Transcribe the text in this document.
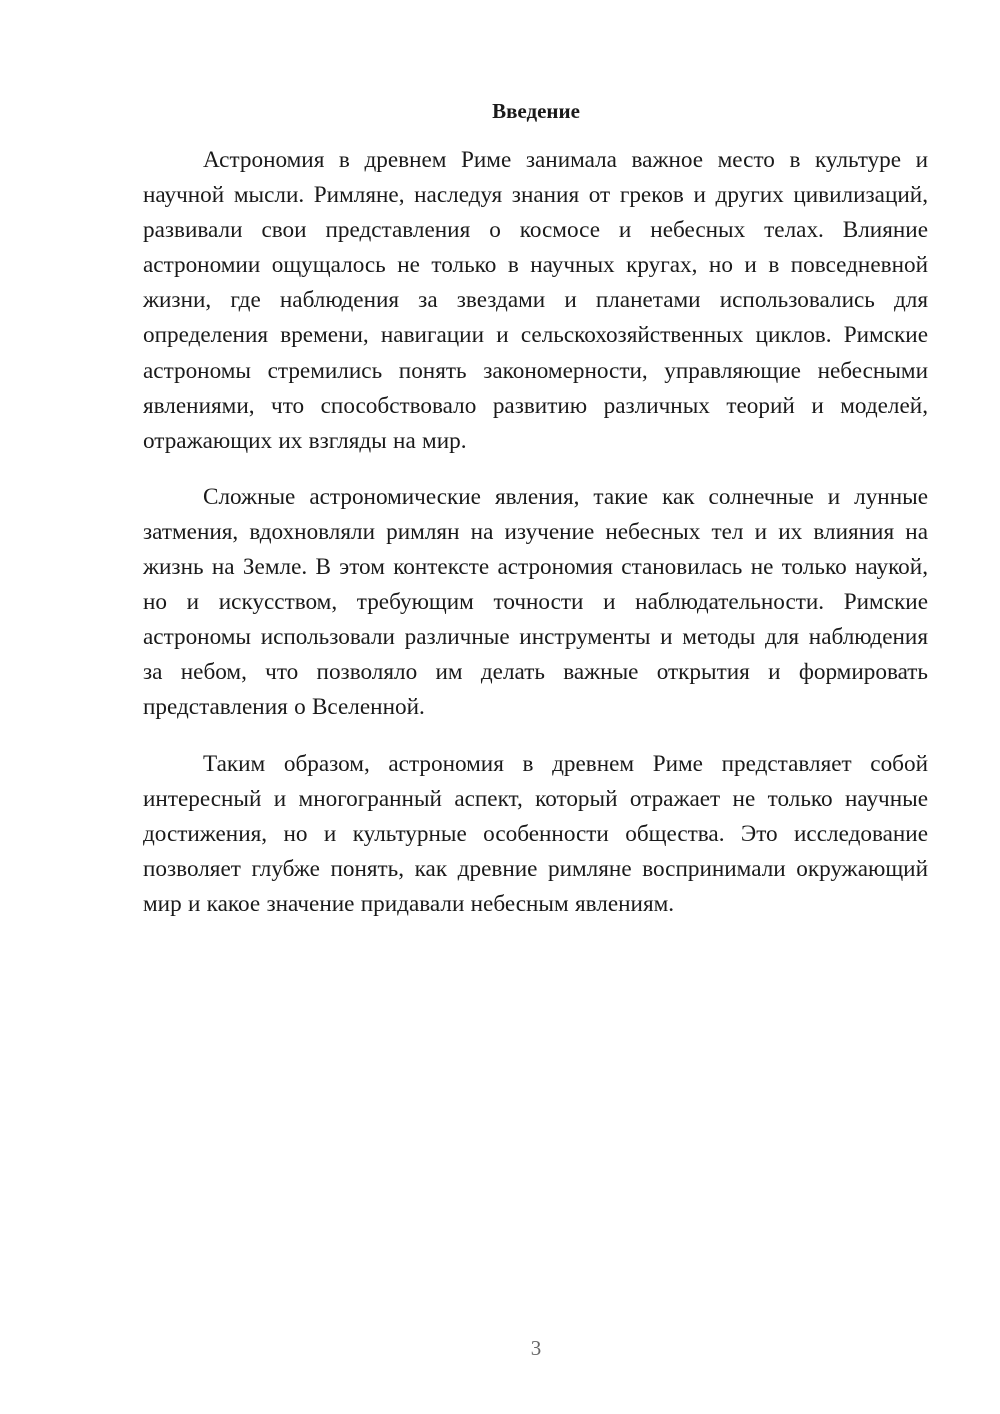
Введение

Астрономия в древнем Риме занимала важное место в культуре и научной мысли. Римляне, наследуя знания от греков и других цивилизаций, развивали свои представления о космосе и небесных телах. Влияние астрономии ощущалось не только в научных кругах, но и в повседневной жизни, где наблюдения за звездами и планетами использовались для определения времени, навигации и сельскохозяйственных циклов. Римские астрономы стремились понять закономерности, управляющие небесными явлениями, что способствовало развитию различных теорий и моделей, отражающих их взгляды на мир.

Сложные астрономические явления, такие как солнечные и лунные затмения, вдохновляли римлян на изучение небесных тел и их влияния на жизнь на Земле. В этом контексте астрономия становилась не только наукой, но и искусством, требующим точности и наблюдательности. Римские астрономы использовали различные инструменты и методы для наблюдения за небом, что позволяло им делать важные открытия и формировать представления о Вселенной.

Таким образом, астрономия в древнем Риме представляет собой интересный и многогранный аспект, который отражает не только научные достижения, но и культурные особенности общества. Это исследование позволяет глубже понять, как древние римляне воспринимали окружающий мир и какое значение придавали небесным явлениям.

3
